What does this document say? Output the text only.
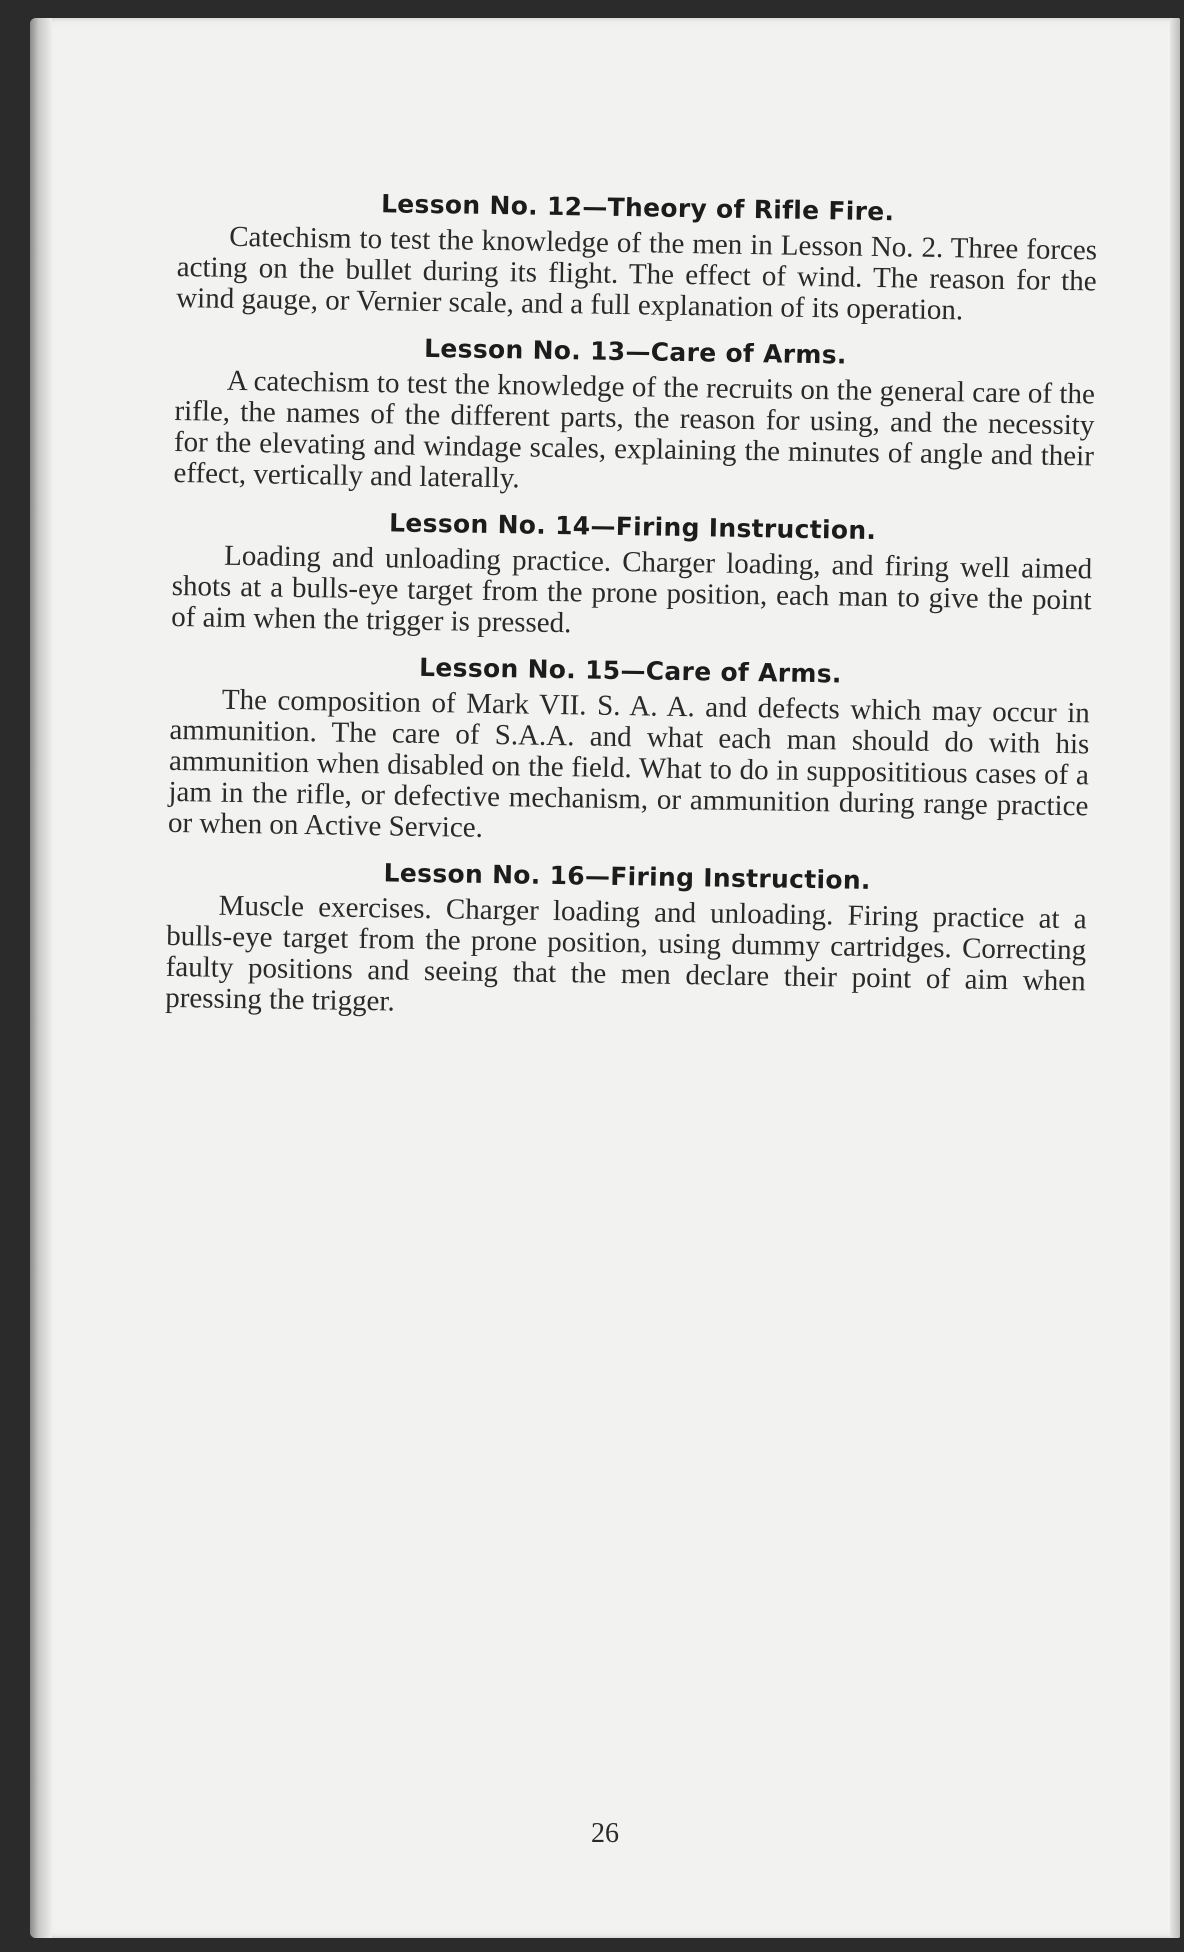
Lesson No. 12—Theory of Rifle Fire.

Catechism to test the knowledge of the men in Lesson No. 2. Three forces acting on the bullet during its flight. The effect of wind. The reason for the wind gauge, or Vernier scale, and a full explanation of its operation.

Lesson No. 13—Care of Arms.

A catechism to test the knowledge of the recruits on the general care of the rifle, the names of the different parts, the reason for using, and the necessity for the elevating and windage scales, explaining the minutes of angle and their effect, vertically and laterally.

Lesson No. 14—Firing Instruction.

Loading and unloading practice. Charger loading, and firing well aimed shots at a bulls-eye target from the prone position, each man to give the point of aim when the trigger is pressed.

Lesson No. 15—Care of Arms.

The composition of Mark VII. S. A. A. and defects which may occur in ammunition. The care of S.A.A. and what each man should do with his ammunition when disabled on the field. What to do in supposititious cases of a jam in the rifle, or defective mechanism, or ammunition during range practice or when on Active Service.

Lesson No. 16—Firing Instruction.

Muscle exercises. Charger loading and unloading. Firing practice at a bulls-eye target from the prone position, using dummy cartridges. Correcting faulty positions and seeing that the men declare their point of aim when pressing the trigger.

26
